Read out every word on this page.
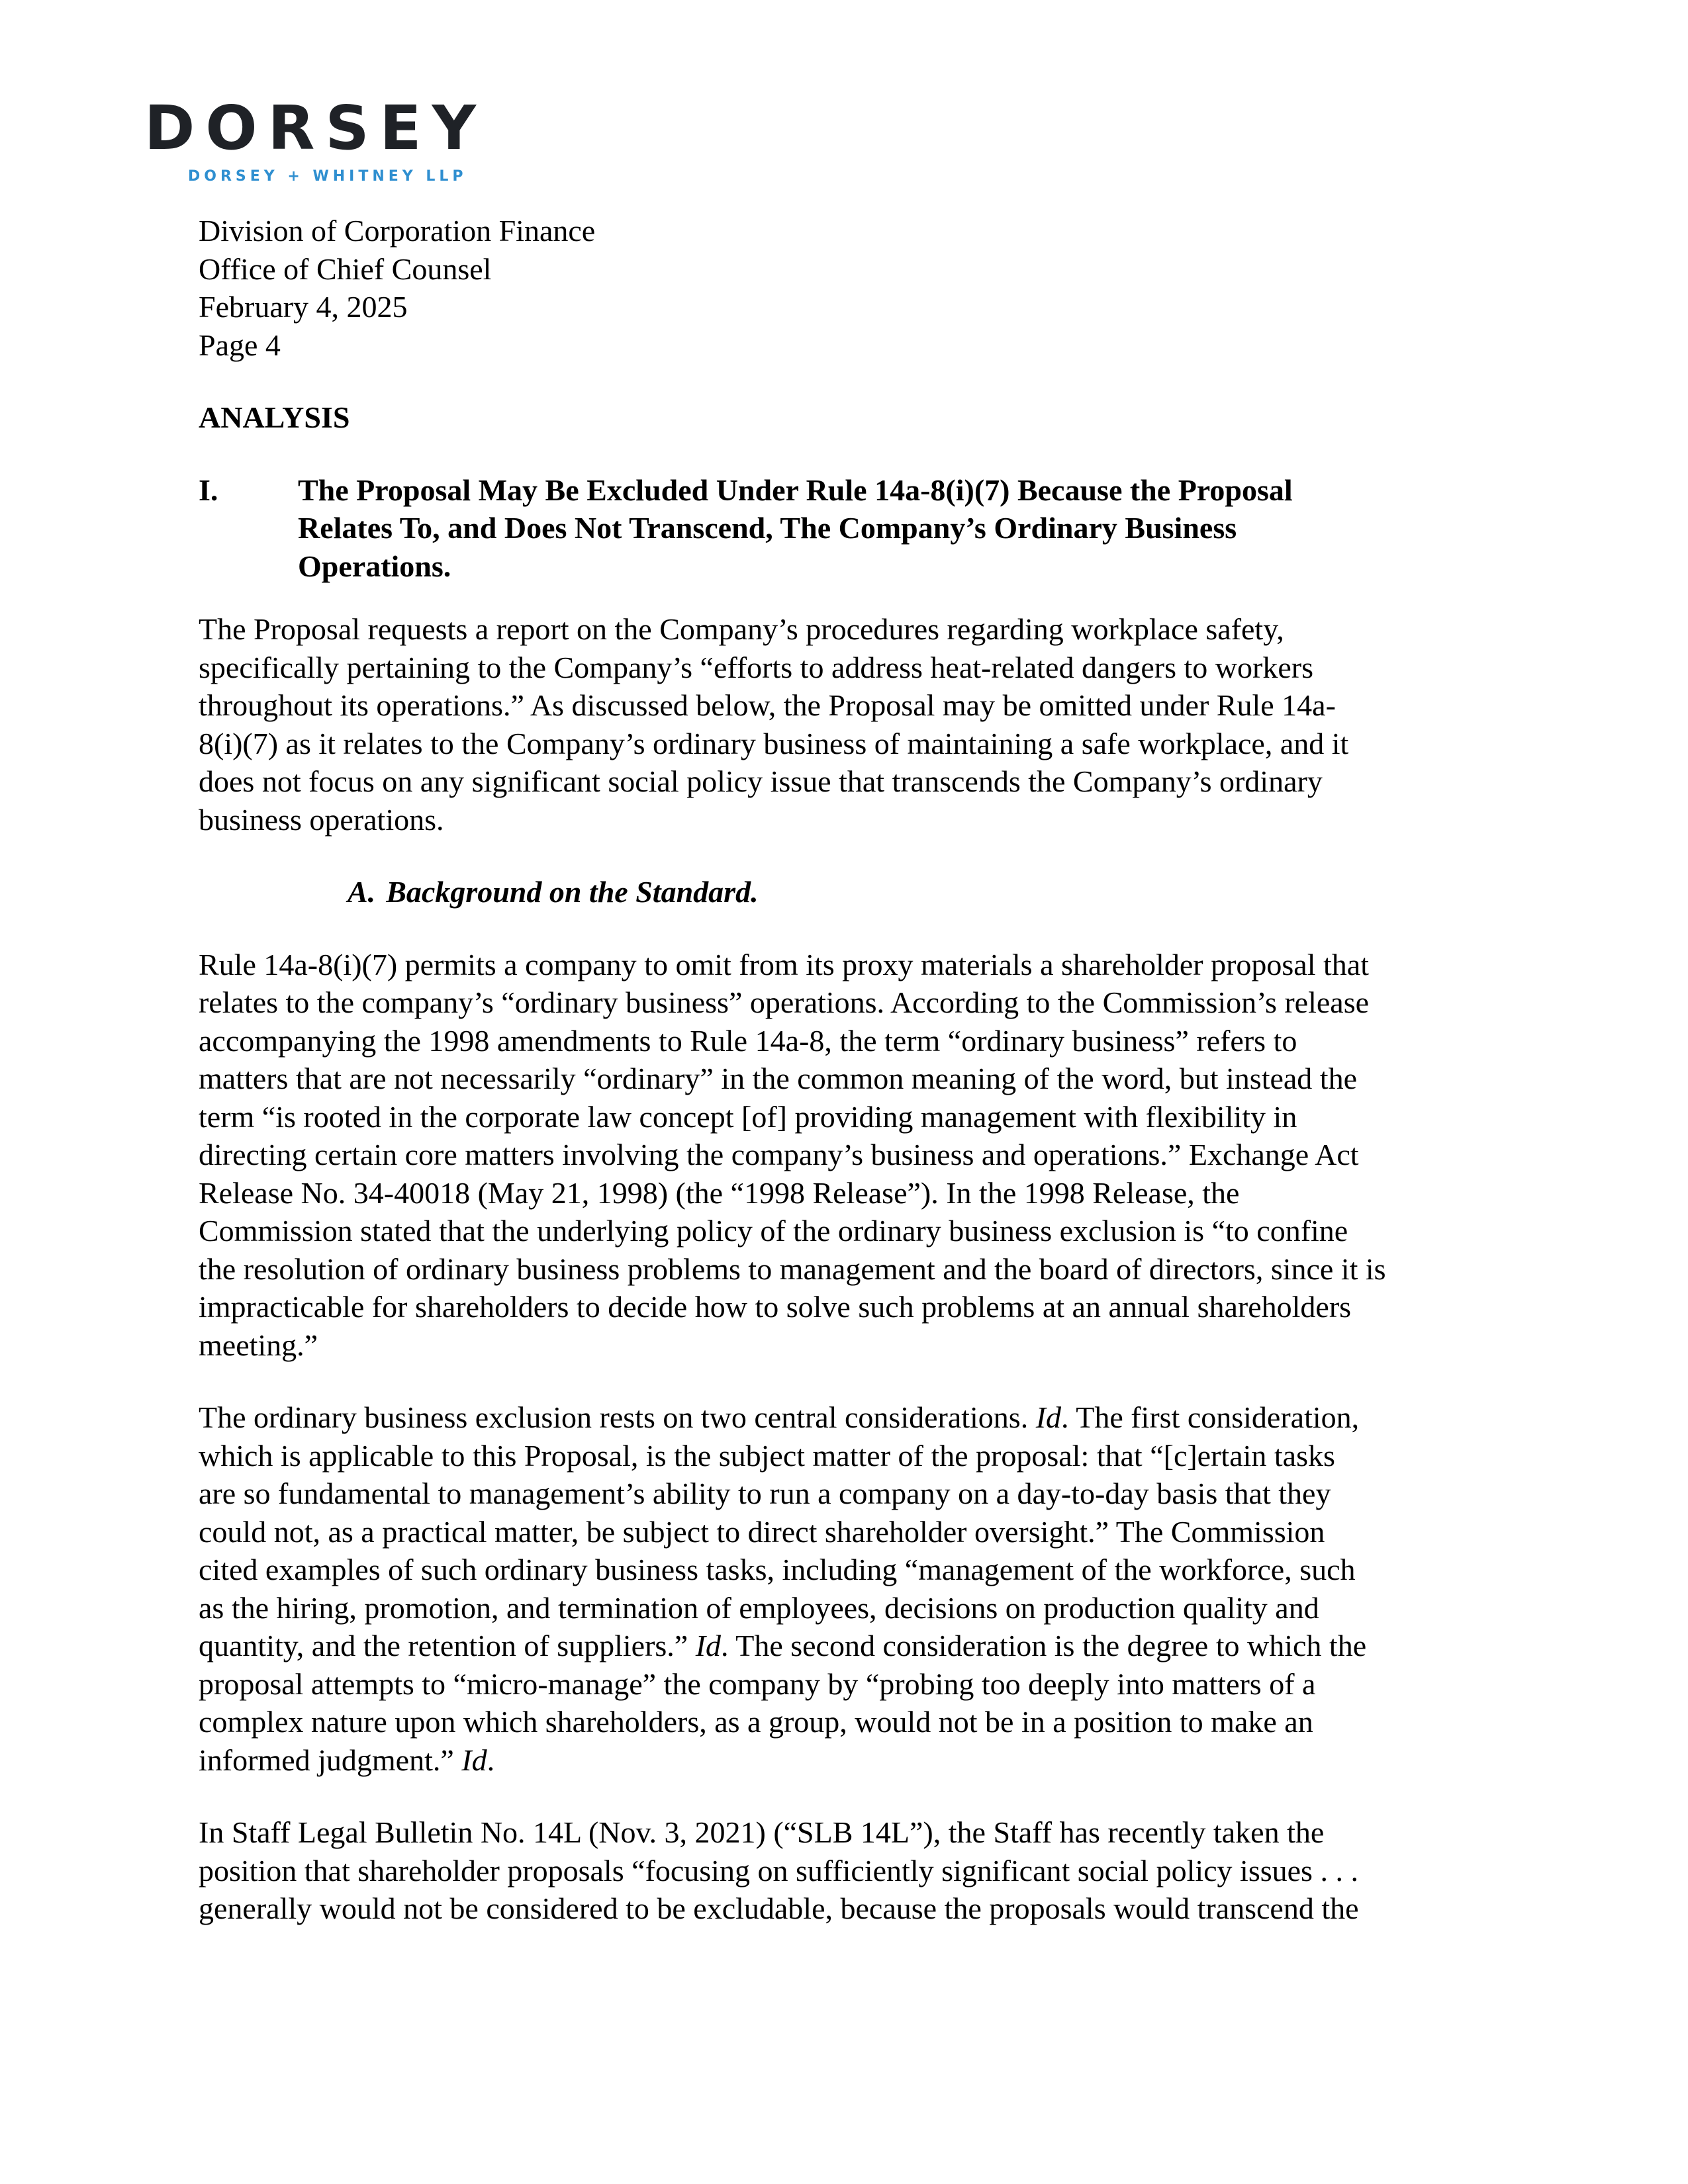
DORSEY
DORSEY + WHITNEY LLP

Division of Corporation Finance

Office of Chief Counsel

February 4, 2025

Page 4

ANALYSIS

I.	The Proposal May Be Excluded Under Rule 14a-8(i)(7) Because the Proposal
Relates To, and Does Not Transcend, The Company’s Ordinary Business
Operations.

The Proposal requests a report on the Company’s procedures regarding workplace safety,
specifically pertaining to the Company’s “efforts to address heat-related dangers to workers
throughout its operations.” As discussed below, the Proposal may be omitted under Rule 14a-
8(i)(7) as it relates to the Company’s ordinary business of maintaining a safe workplace, and it
does not focus on any significant social policy issue that transcends the Company’s ordinary
business operations.

A. Background on the Standard.

Rule 14a-8(i)(7) permits a company to omit from its proxy materials a shareholder proposal that
relates to the company’s “ordinary business” operations. According to the Commission’s release
accompanying the 1998 amendments to Rule 14a-8, the term “ordinary business” refers to
matters that are not necessarily “ordinary” in the common meaning of the word, but instead the
term “is rooted in the corporate law concept [of] providing management with flexibility in
directing certain core matters involving the company’s business and operations.” Exchange Act
Release No. 34-40018 (May 21, 1998) (the “1998 Release”). In the 1998 Release, the
Commission stated that the underlying policy of the ordinary business exclusion is “to confine
the resolution of ordinary business problems to management and the board of directors, since it is
impracticable for shareholders to decide how to solve such problems at an annual shareholders
meeting.”

The ordinary business exclusion rests on two central considerations. Id. The first consideration,
which is applicable to this Proposal, is the subject matter of the proposal: that “[c]ertain tasks
are so fundamental to management’s ability to run a company on a day-to-day basis that they
could not, as a practical matter, be subject to direct shareholder oversight.” The Commission
cited examples of such ordinary business tasks, including “management of the workforce, such
as the hiring, promotion, and termination of employees, decisions on production quality and
quantity, and the retention of suppliers.” Id. The second consideration is the degree to which the
proposal attempts to “micro-manage” the company by “probing too deeply into matters of a
complex nature upon which shareholders, as a group, would not be in a position to make an
informed judgment.” Id.

In Staff Legal Bulletin No. 14L (Nov. 3, 2021) (“SLB 14L”), the Staff has recently taken the
position that shareholder proposals “focusing on sufficiently significant social policy issues . . .
generally would not be considered to be excludable, because the proposals would transcend the
